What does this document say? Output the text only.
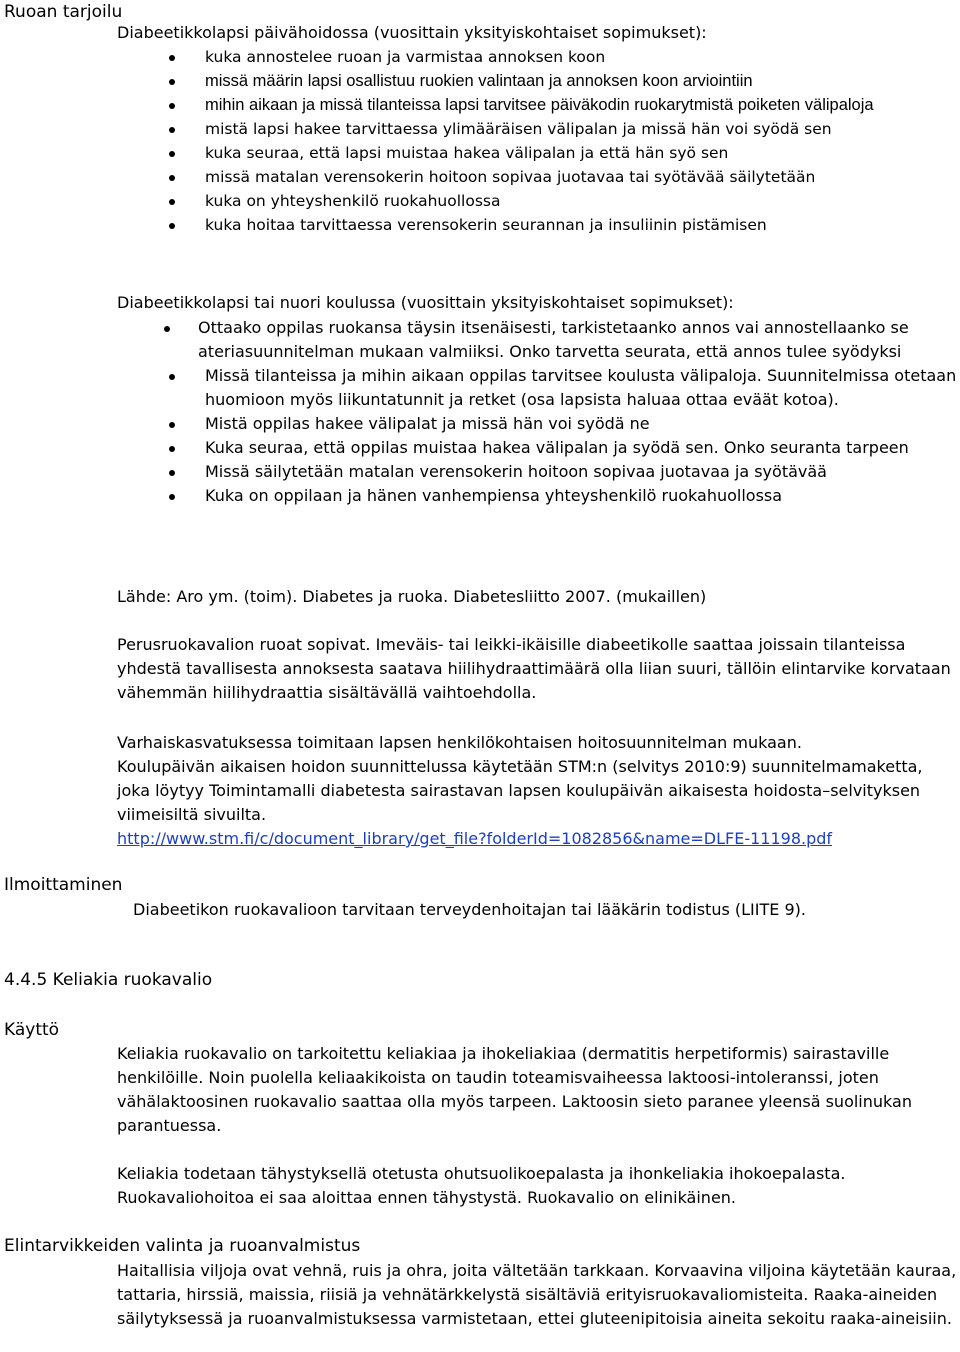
Ruoan tarjoilu
Diabeetikkolapsi päivähoidossa (vuosittain yksityiskohtaiset sopimukset):
kuka annostelee ruoan ja varmistaa annoksen koon
missä määrin lapsi osallistuu ruokien valintaan ja annoksen koon arviointiin
mihin aikaan ja missä tilanteissa lapsi tarvitsee päiväkodin ruokarytmistä poiketen välipaloja
mistä lapsi hakee tarvittaessa ylimääräisen välipalan ja missä hän voi syödä sen
kuka seuraa, että lapsi muistaa hakea välipalan ja että hän syö sen
missä matalan verensokerin hoitoon sopivaa juotavaa tai syötävää säilytetään
kuka on yhteyshenkilö ruokahuollossa
kuka hoitaa tarvittaessa verensokerin seurannan ja insuliinin pistämisen
Diabeetikkolapsi tai nuori koulussa (vuosittain yksityiskohtaiset sopimukset):
Ottaako oppilas ruokansa täysin itsenäisesti, tarkistetaanko annos vai annostellaanko se ateriasuunnitelman mukaan valmiiksi. Onko tarvetta seurata, että annos tulee syödyksi
Missä tilanteissa ja mihin aikaan oppilas tarvitsee koulusta välipaloja. Suunnitelmissa otetaan huomioon myös liikuntatunnit ja retket (osa lapsista haluaa ottaa eväät kotoa).
Mistä oppilas hakee välipalat ja missä hän voi syödä ne
Kuka seuraa, että oppilas muistaa hakea välipalan ja syödä sen. Onko seuranta tarpeen
Missä säilytetään matalan verensokerin hoitoon sopivaa juotavaa ja syötävää
Kuka on oppilaan ja hänen vanhempiensa yhteyshenkilö ruokahuollossa
Lähde: Aro ym. (toim). Diabetes ja ruoka. Diabetesliitto 2007. (mukaillen)
Perusruokavalion ruoat sopivat. Imeväis- tai leikki-ikäisille diabeetikolle saattaa joissain tilanteissa yhdestä tavallisesta annoksesta saatava hiilihydraattimäärä olla liian suuri, tällöin elintarvike korvataan vähemmän hiilihydraattia sisältävällä vaihtoehdolla.

Varhaiskasvatuksessa toimitaan lapsen henkilökohtaisen hoitosuunnitelman mukaan.

Koulupäivän aikaisen hoidon suunnittelussa käytetään STM:n (selvitys 2010:9) suunnitelmamaketta, joka löytyy Toimintamalli diabetesta sairastavan lapsen koulupäivän aikaisesta hoidosta–selvityksen viimeisiltä sivuilta.

http://www.stm.fi/c/document_library/get_file?folderId=1082856&name=DLFE-11198.pdf

Ilmoittaminen
Diabeetikon ruokavalioon tarvitaan terveydenhoitajan tai lääkärin todistus (LIITE 9).
4.4.5 Keliakia ruokavalio
Käyttö
Keliakia ruokavalio on tarkoitettu keliakiaa ja ihokeliakiaa (dermatitis herpetiformis) sairastaville henkilöille. Noin puolella keliaakikoista on taudin toteamisvaiheessa laktoosi-intoleranssi, joten vähälaktoosinen ruokavalio saattaa olla myös tarpeen. Laktoosin sieto paranee yleensä suolinukan parantuessa.
Keliakia todetaan tähystyksellä otetusta ohutsuolikoepalasta ja ihonkeliakia ihokoepalasta. Ruokavaliohoitoa ei saa aloittaa ennen tähystystä. Ruokavalio on elinikäinen.
Elintarvikkeiden valinta ja ruoanvalmistus
Haitallisia viljoja ovat vehnä, ruis ja ohra, joita vältetään tarkkaan. Korvaavina viljoina käytetään kauraa, tattaria, hirssiä, maissia, riisiä ja vehnätärkkelystä sisältäviä erityisruokavaliomisteita. Raaka-aineiden säilytyksessä ja ruoanvalmistuksessa varmistetaan, ettei gluteenipitoisia aineita sekoitu raaka-aineisiin.
